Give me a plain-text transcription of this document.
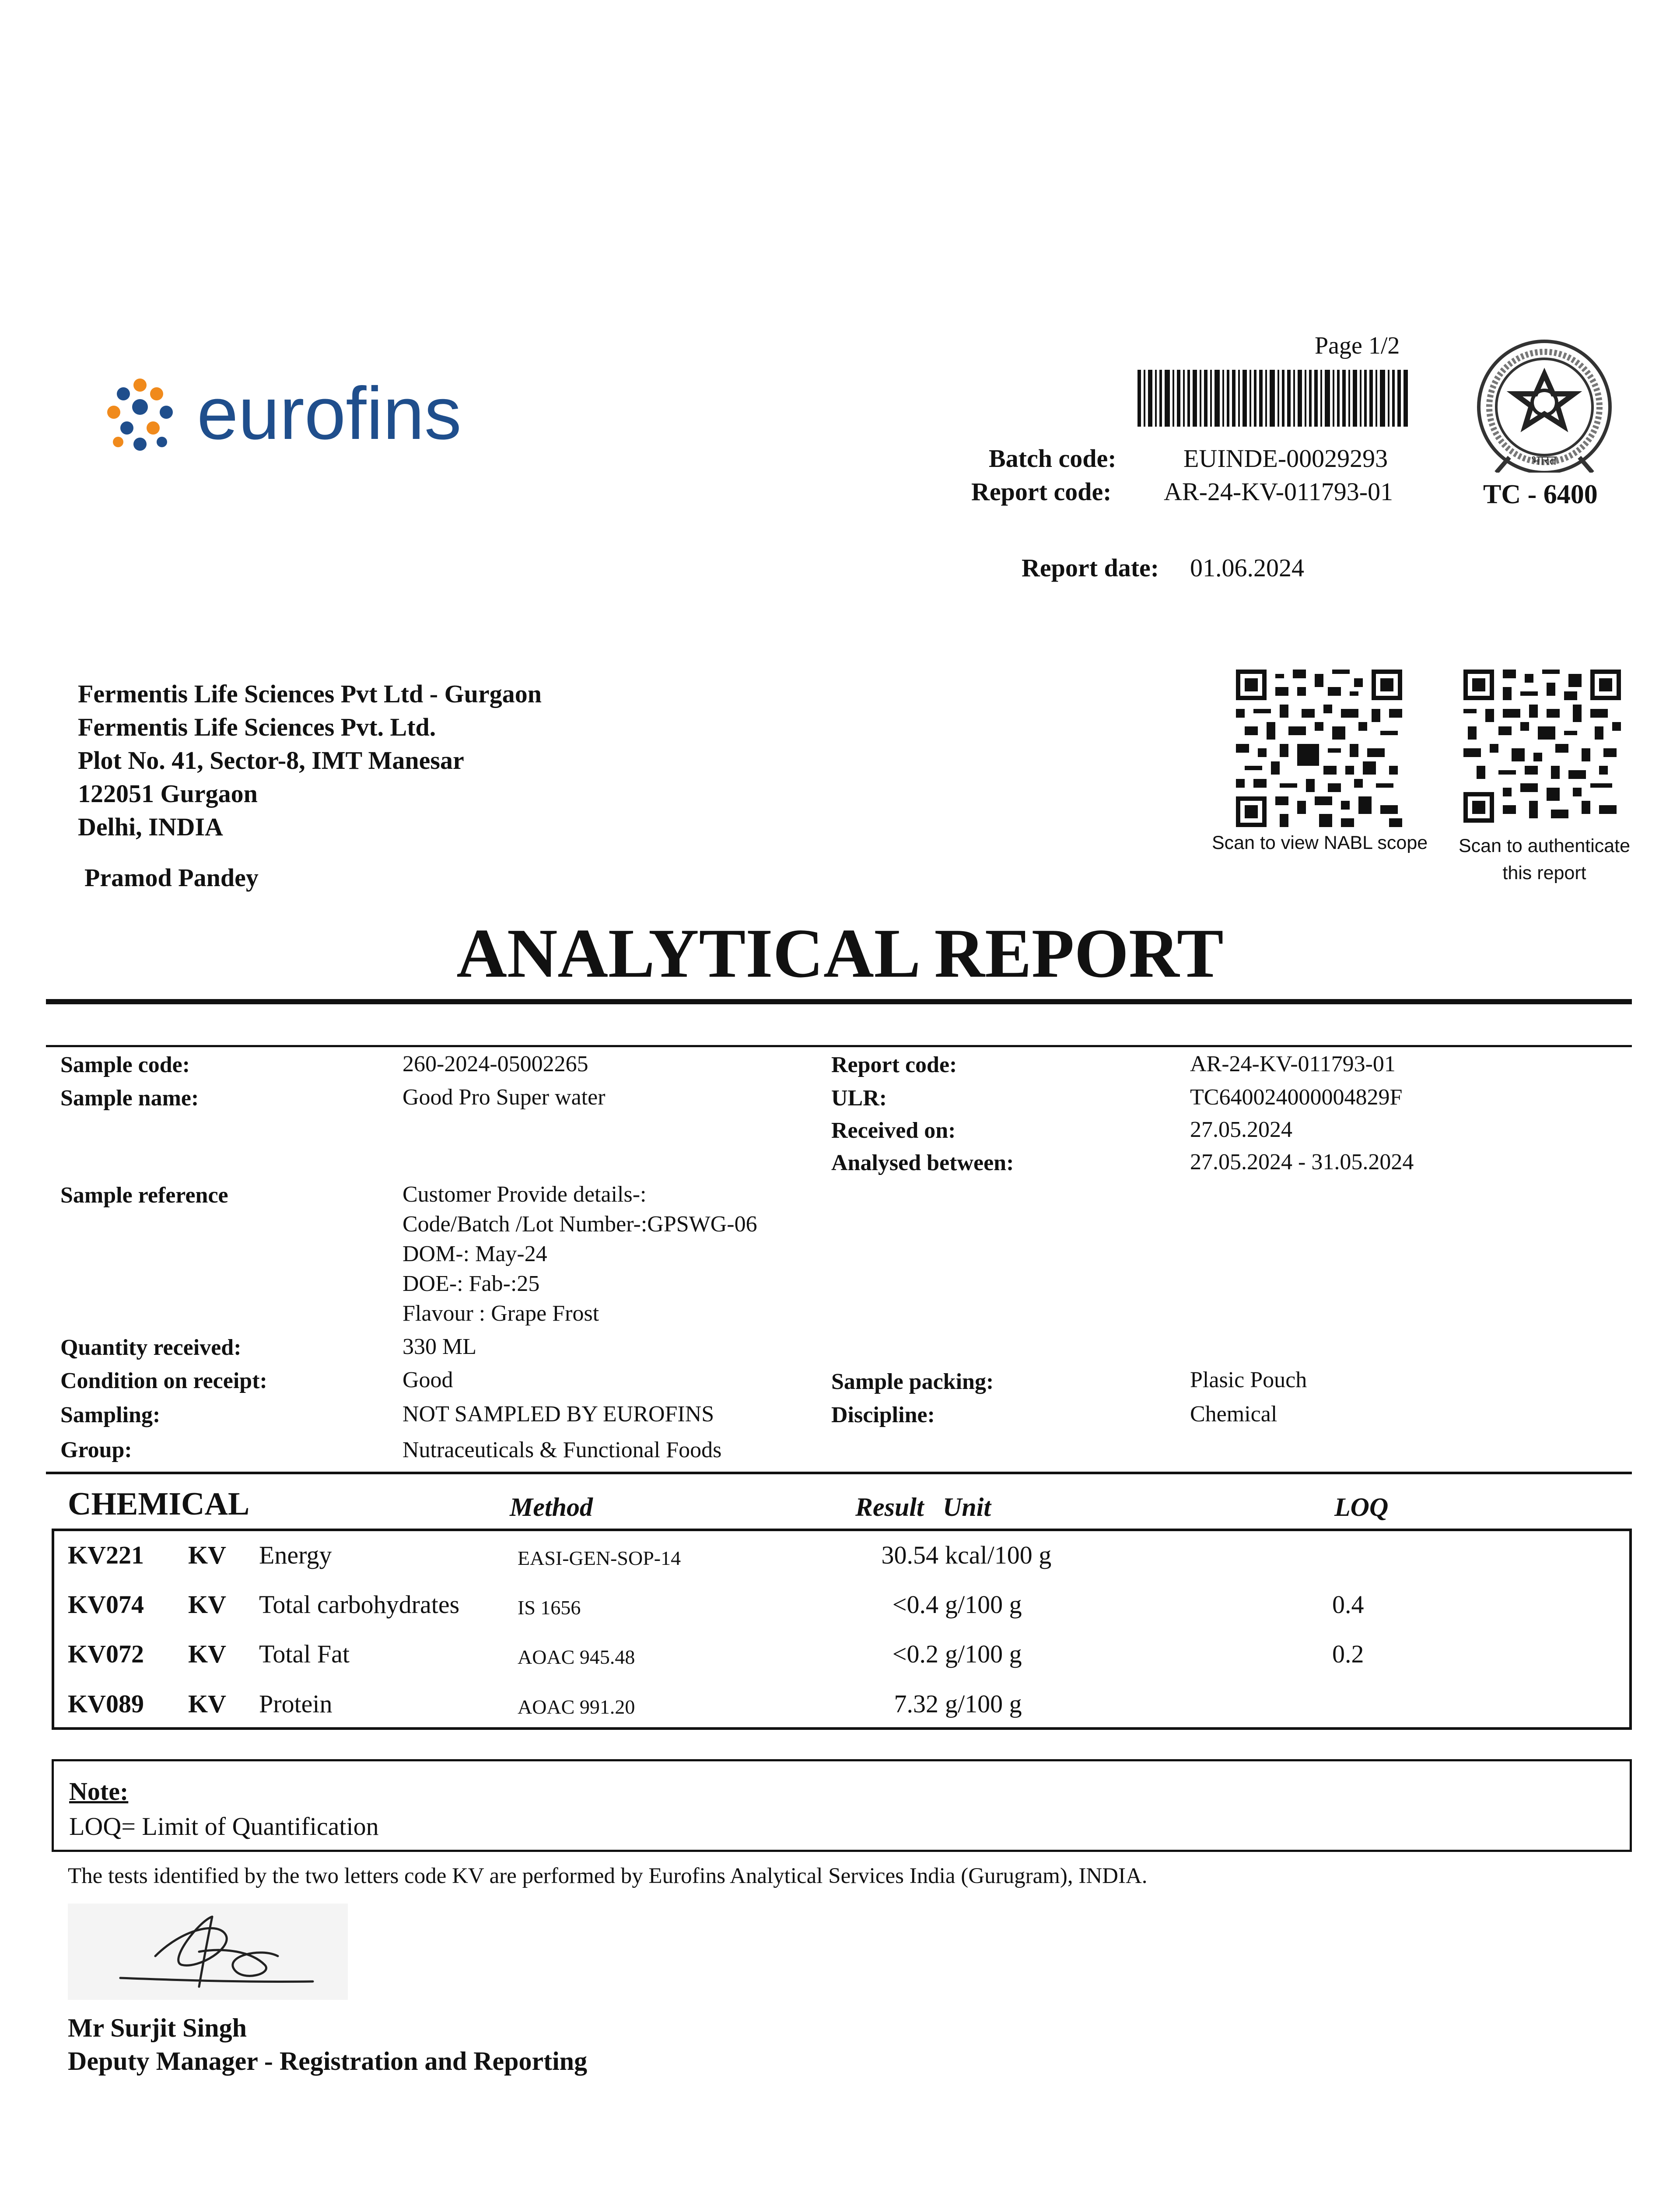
eurofins
Page 1/2
Batch code:	EUINDE-00029293
Report code: AR-24-KV-011793-01
भारत
TC - 6400
Report date: 01.06.2024
Fermentis Life Sciences Pvt Ltd - Gurgaon
Fermentis Life Sciences Pvt. Ltd.
Plot No. 41, Sector-8, IMT Manesar
122051 Gurgaon
Delhi, INDIA
Pramod Pandey
Scan to view NABL scope	Scan to authenticate
this report
ANALYTICAL REPORT
Sample code:	260-2024-05002265	Report code:	AR-24-KV-011793-01
Sample name:	Good Pro Super water	ULR:	TC640024000004829F
Received on:	27.05.2024
Analysed between:	27.05.2024 - 31.05.2024
Sample reference	Customer Provide details-:
Code/Batch /Lot Number-:GPSWG-06
DOM-: May-24
DOE-: Fab-:25
Flavour : Grape Frost
Quantity received:	330 ML
Condition on receipt:	Good	Sample packing:	Plasic Pouch
Sampling:	NOT SAMPLED BY EUROFINS	Discipline:	Chemical
Group:	Nutraceuticals & Functional Foods
CHEMICAL	Method	Result Unit	LOQ
KV221 KV Energy	EASI-GEN-SOP-14	30.54 kcal/100 g
KV074 KV Total carbohydrates	IS 1656	<0.4 g/100 g	0.4
KV072 KV Total Fat	AOAC 945.48	<0.2 g/100 g	0.2
KV089 KV Protein	AOAC 991.20	7.32 g/100 g
Note:
LOQ= Limit of Quantification
The tests identified by the two letters code KV are performed by Eurofins Analytical Services India (Gurugram), INDIA.
Mr Surjit Singh
Deputy Manager - Registration and Reporting
